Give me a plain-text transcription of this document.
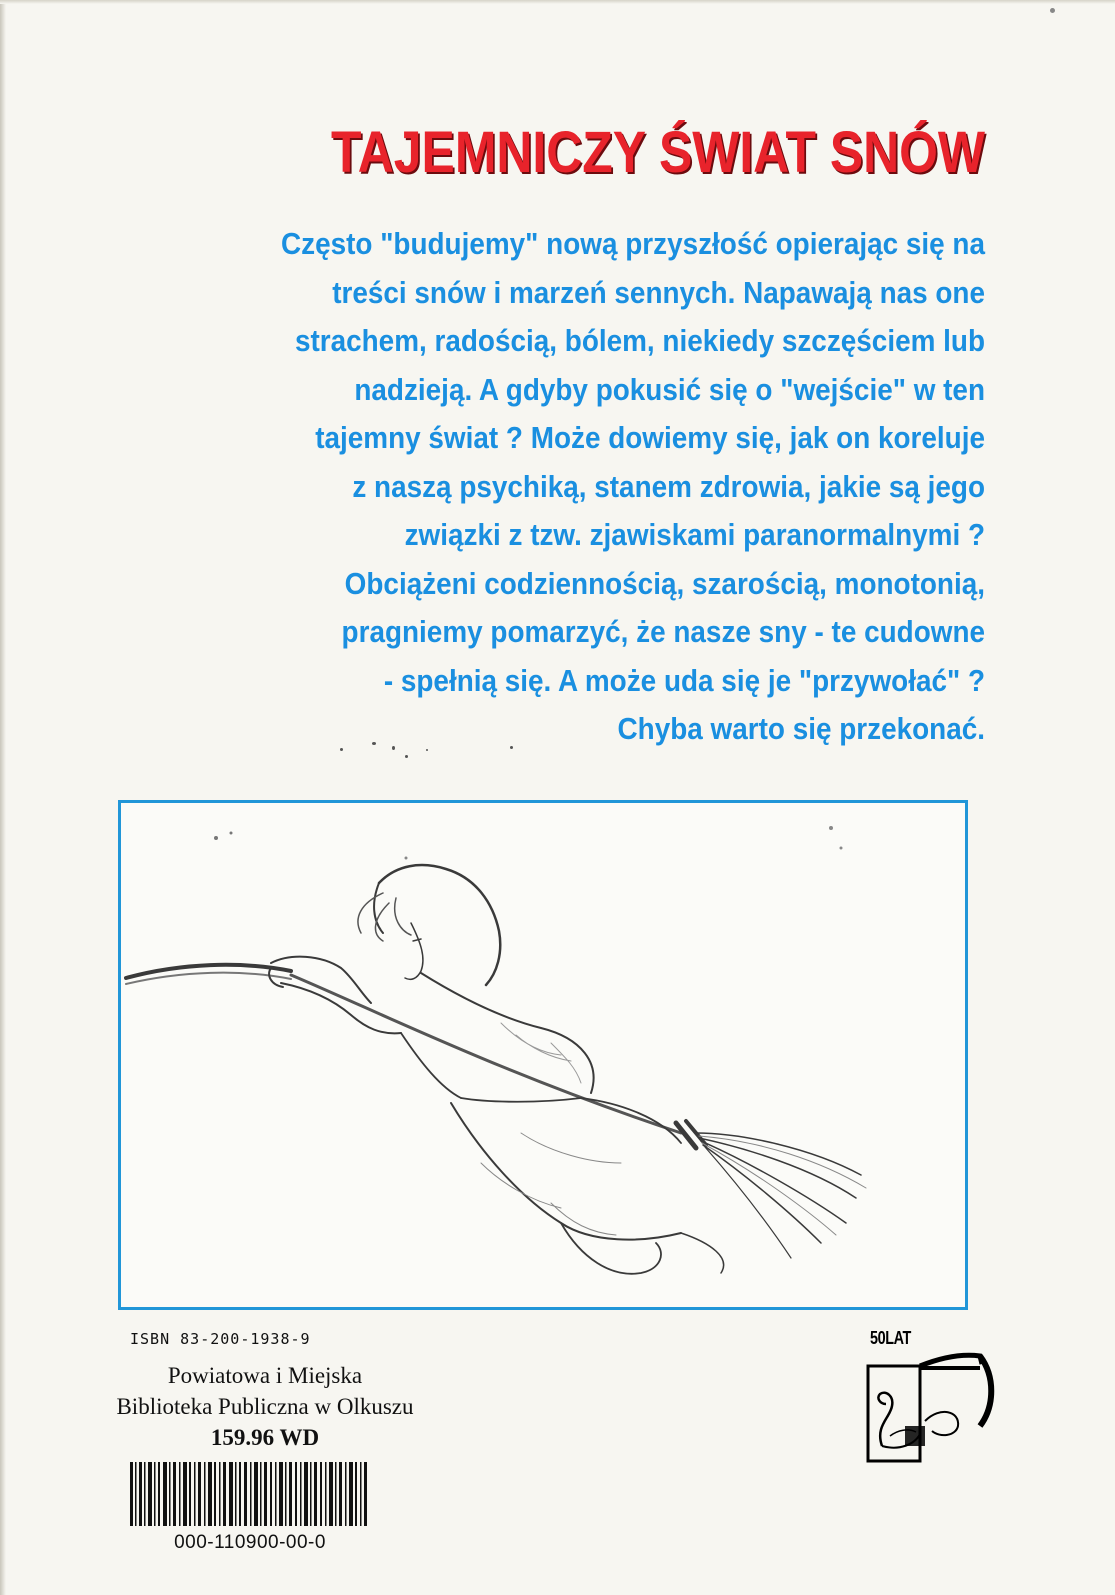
TAJEMNICZY ŚWIAT SNÓW
Często "budujemy" nową przyszłość opierając się na
treści snów i marzeń sennych. Napawają nas one
strachem, radością, bólem, niekiedy szczęściem lub
nadzieją. A gdyby pokusić się o "wejście" w ten
tajemny świat ? Może dowiemy się, jak on koreluje
z naszą psychiką, stanem zdrowia, jakie są jego
związki z tzw. zjawiskami paranormalnymi ?
Obciążeni codziennością, szarością, monotonią,
pragniemy pomarzyć, że nasze sny - te cudowne
- spełnią się. A może uda się je "przywołać" ?
Chyba warto się przekonać.
ISBN 83-200-1938-9	50LAT
Powiatowa i Miejska
Biblioteka Publiczna w Olkuszu
159.96 WD
000-110900-00-0
